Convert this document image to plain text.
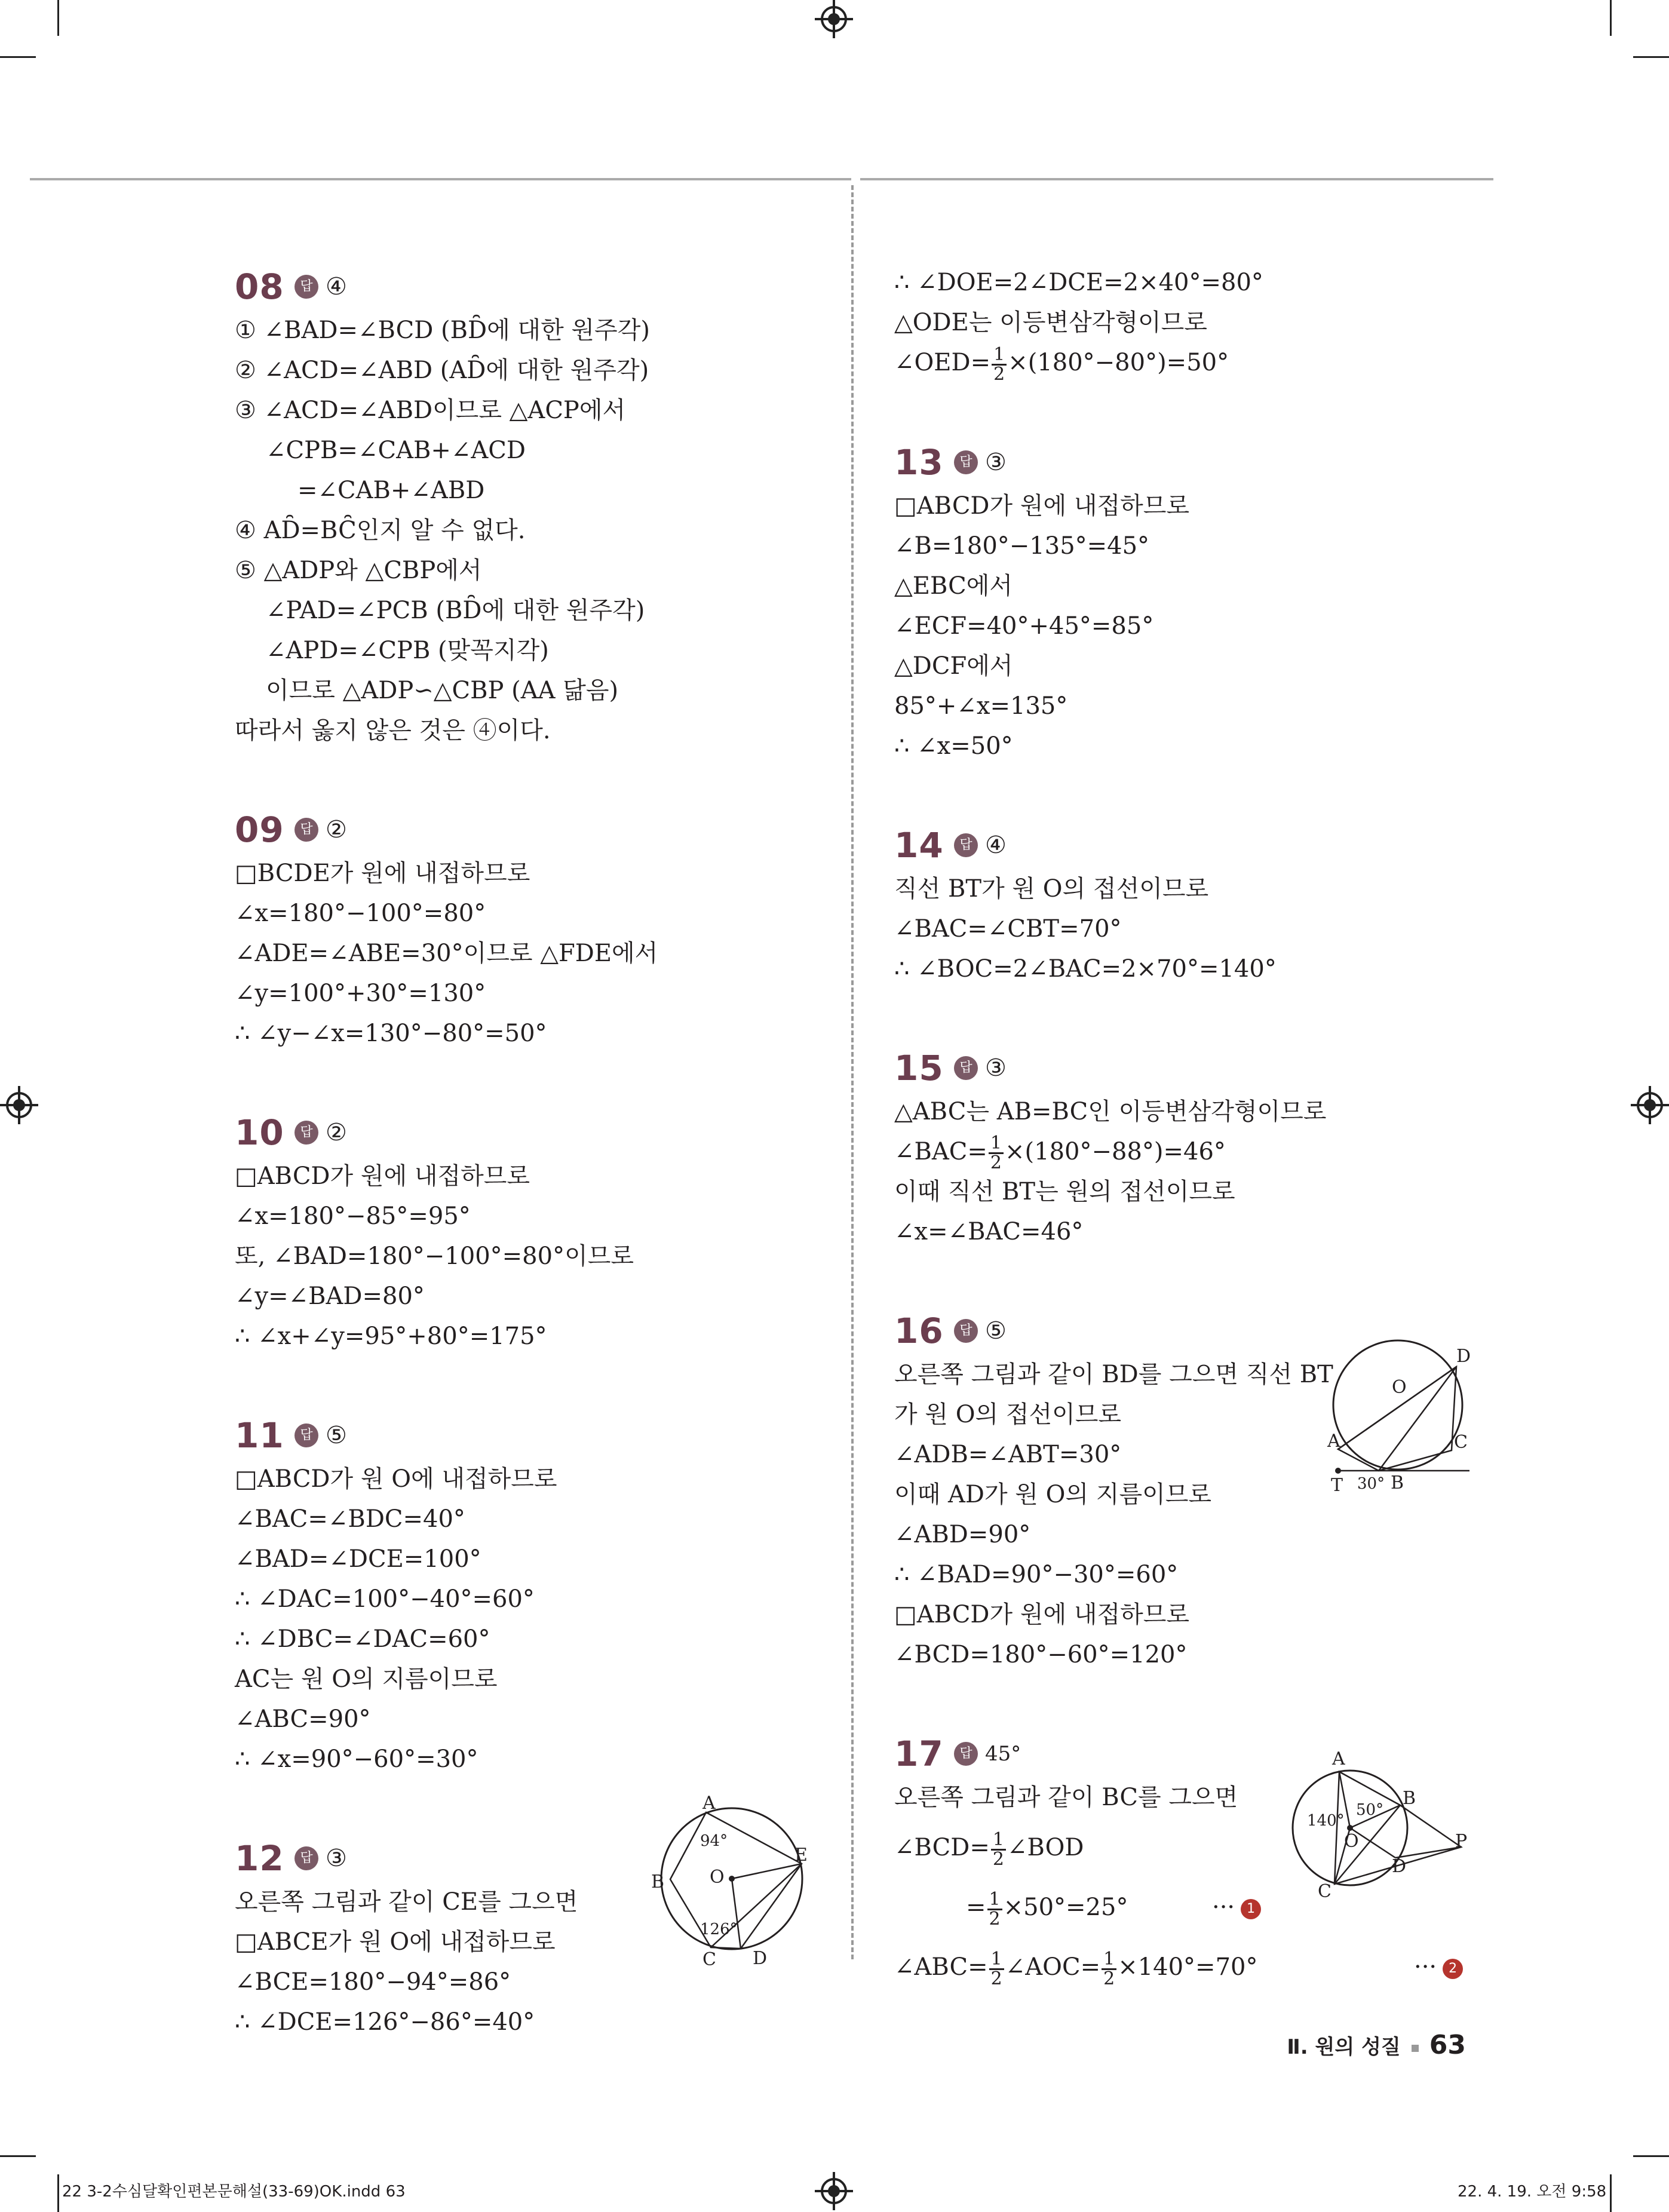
08	답 ④
① ∠BAD=∠BCD (BD̑에 대한 원주각)
② ∠ACD=∠ABD (AD̑에 대한 원주각)
③ ∠ACD=∠ABD이므로 △ACP에서
∠CPB=∠CAB+∠ACD
=∠CAB+∠ABD
④ AD̑=BC̑인지 알 수 없다.
⑤ △ADP와 △CBP에서
∠PAD=∠PCB (BD̑에 대한 원주각)
∠APD=∠CPB (맞꼭지각)
이므로 △ADP∽△CBP (AA 닮음)
따라서 옳지 않은 것은 ④이다.
09	답 ②
□BCDE가 원에 내접하므로
∠x=180°−100°=80°
∠ADE=∠ABE=30°이므로 △FDE에서
∠y=100°+30°=130°
∴ ∠y−∠x=130°−80°=50°
10	답 ②
□ABCD가 원에 내접하므로
∠x=180°−85°=95°
또, ∠BAD=180°−100°=80°이므로
∠y=∠BAD=80°
∴ ∠x+∠y=95°+80°=175°
11	답 ⑤
□ABCD가 원 O에 내접하므로
∠BAC=∠BDC=40°
∠BAD=∠DCE=100°
∴ ∠DAC=100°−40°=60°
∴ ∠DBC=∠DAC=60°
AC는 원 O의 지름이므로
∠ABC=90°
∴ ∠x=90°−60°=30°
12	답 ③
오른쪽 그림과 같이 CE를 그으면
□ABCE가 원 O에 내접하므로
∠BCE=180°−94°=86°
∴ ∠DCE=126°−86°=40°
∴ ∠DOE=2∠DCE=2×40°=80°
△ODE는 이등변삼각형이므로
∠OED= $\frac{1}{2} \times(180^\circ-80^\circ)=50^\circ$
13	답 ③
□ABCD가 원에 내접하므로
∠B=180°−135°=45°
△EBC에서
∠ECF=40°+45°=85°
△DCF에서
85°+∠x=135°
∴ ∠x=50°
14	답 ④
직선 BT가 원 O의 접선이므로
∠BAC=∠CBT=70°
∴ ∠BOC=2∠BAC=2×70°=140°
15	답 ③
△ABC는 AB=BC인 이등변삼각형이므로
∠BAC= $\frac{1}{2} \times(180^\circ-88^\circ)=46^\circ$
이때 직선 BT는 원의 접선이므로
∠x=∠BAC=46°
16	답 ⑤
오른쪽 그림과 같이 BD를 그으면 직선 BT
가 원 O의 접선이므로
∠ADB=∠ABT=30°
이때 AD가 원 O의 지름이므로
∠ABD=90°
∴ ∠BAD=90°−30°=60°
□ABCD가 원에 내접하므로
∠BCD=180°−60°=120°
17	답 45°
오른쪽 그림과 같이 BC를 그으면
∠BCD= $\frac{1}{2}$ ∠BOD
= $\frac{1}{2} \times 50^\circ=25^\circ$	··· 1
∠ABC= $\frac{1}{2}$ ∠AOC= $\frac{1}{2} \times 140^\circ=70^\circ$	··· 2
A
B
C D
E
O
94°
126°
D
O
A	C
T 30° B
A
B
140°
50°
O	P
C
D
Ⅱ. 원의 성질 63
22 3-2수심달확인편본문해설(33-69)OK.indd 63	22. 4. 19. 오전 9:58
